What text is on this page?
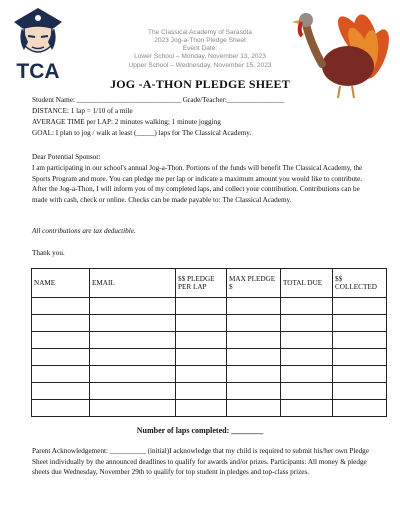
TCA
The Classical Academy of Sarasota
2023 Jog-a-Thon Pledge Sheet
Event Date:
Lower School – Monday, November 13, 2023
Upper School – Wednesday, November 15, 2023
JOG -A-THON PLEDGE SHEET
Student Name: _____________________________ Grade/Teacher:________________
DISTANCE: 1 lap = 1/10 of a mile
AVERAGE TIME per LAP: 2 minutes walking; 1 minute jogging
GOAL: I plan to jog / walk at least (_____) laps for The Classical Academy.
Dear Potential Sponsor:
I am participating in our school's annual Jog-a-Thon. Portions of the funds will benefit The Classical Academy, the Sports Program and more. You can pledge me per lap or indicate a maximum amount you would like to contribute. After the Jog-a-Thon, I will inform you of my completed laps, and collect your contribution. Contributions can be made with cash, check or online. Checks can be made payable to: The Classical Academy.
All contributions are tax deductible.
Thank you.
NAME	EMAIL	$$ PLEDGE PER LAP	MAX PLEDGE $	TOTAL DUE	$$ COLLECTED

Number of laps completed: ________
Parent Acknowledgement: __________ (initial)I acknowledge that my child is required to submit his/her own Pledge Sheet individually by the announced deadlines to qualify for awards and/or prizes. Participants: All money & pledge sheets due Wednesday, November 29th to qualify for top student in pledges and top-class prizes.
